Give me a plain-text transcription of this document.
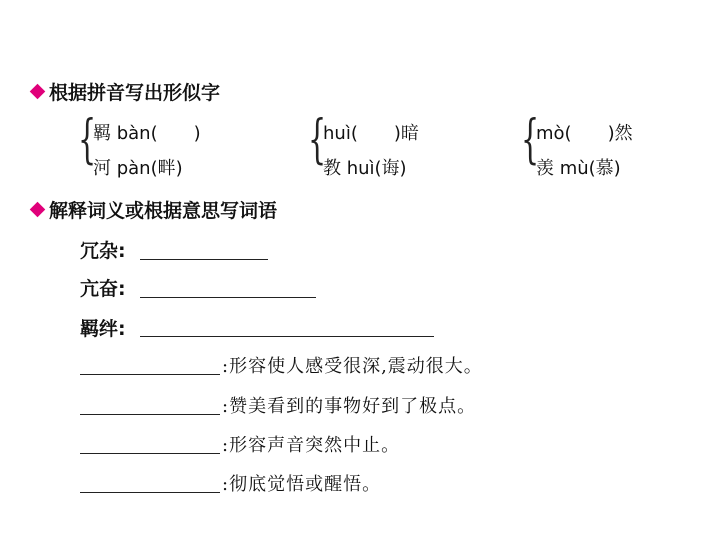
根据拼音写出形似字
{
羁 bàn(　　)
河 pàn(畔) {
huì(　　)暗
教 huì(诲) {
mò(　　)然
羡 mù(慕)
解释词义或根据意思写词语
冗杂:
亢奋:
羁绊:
:形容使人感受很深,震动很大。
:赞美看到的事物好到了极点。
:形容声音突然中止。
:彻底觉悟或醒悟。
